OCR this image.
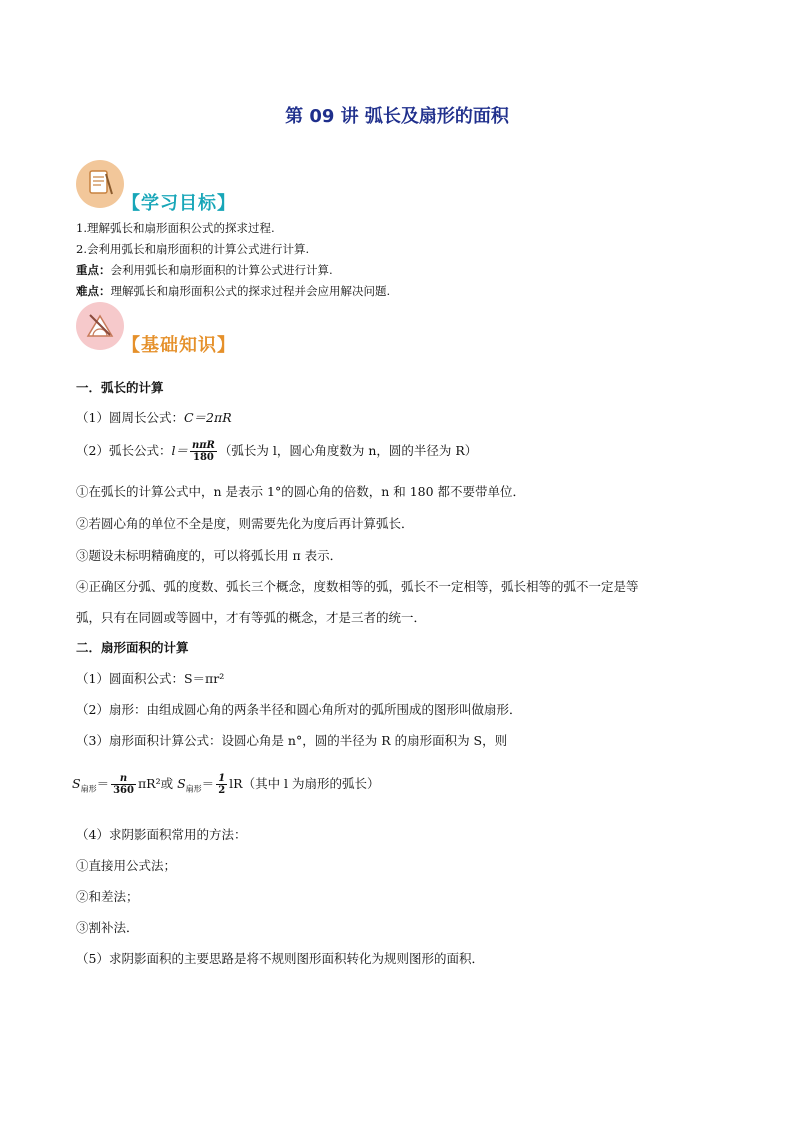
第 09 讲 弧长及扇形的面积
【学习目标】
1.理解弧长和扇形面积公式的探求过程.
2.会利用弧长和扇形面积的计算公式进行计算.
重点：会利用弧长和扇形面积的计算公式进行计算.
难点：理解弧长和扇形面积公式的探求过程并会应用解决问题.
【基础知识】
一．弧长的计算
（1）圆周长公式：C＝2πR
（2）弧长公式：$l= \frac{\text{nπR}}{180}$ （弧长为 l，圆心角度数为 n，圆的半径为 R）
①在弧长的计算公式中，n 是表示 1°的圆心角的倍数，n 和 180 都不要带单位．
②若圆心角的单位不全是度，则需要先化为度后再计算弧长．
③题设未标明精确度的，可以将弧长用 π 表示．
④正确区分弧、弧的度数、弧长三个概念，度数相等的弧，弧长不一定相等，弧长相等的弧不一定是等
弧，只有在同圆或等圆中，才有等弧的概念，才是三者的统一．
二．扇形面积的计算
（1）圆面积公式：S＝πr²
（2）扇形：由组成圆心角的两条半径和圆心角所对的弧所围成的图形叫做扇形．
（3）扇形面积计算公式：设圆心角是 n°，圆的半径为 R 的扇形面积为 S，则
$S_{扇形}= \frac{n}{360} \pi R^2$或 $S_{扇形}= \frac{1}{2} lR$（其中 l 为扇形的弧长）
（4）求阴影面积常用的方法：
①直接用公式法；
②和差法；
③割补法．
（5）求阴影面积的主要思路是将不规则图形面积转化为规则图形的面积．
